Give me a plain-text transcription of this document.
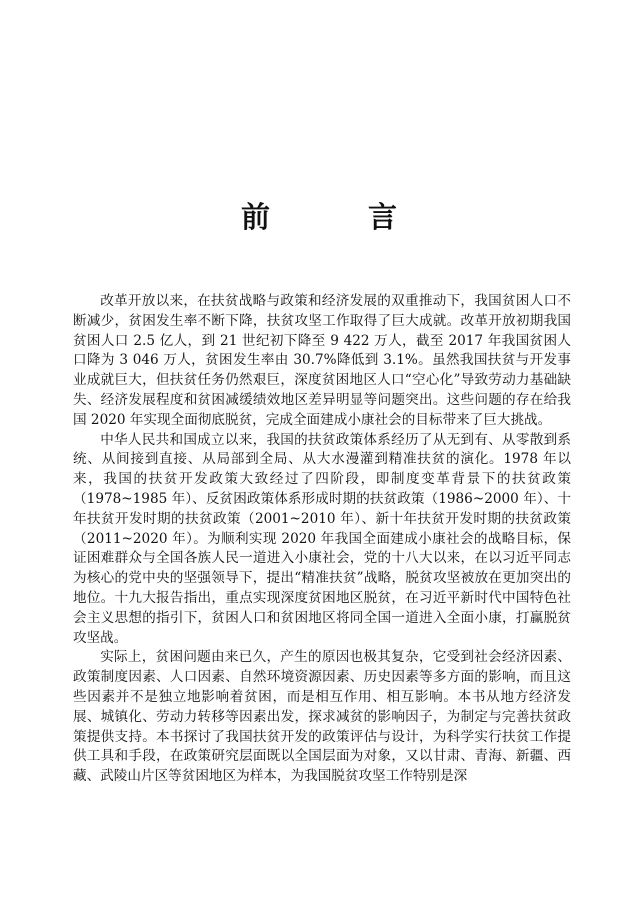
前 言

改革开放以来，在扶贫战略与政策和经济发展的双重推动下，我国贫困人口不断减少，贫困发生率不断下降，扶贫攻坚工作取得了巨大成就。改革开放初期我国贫困人口 2.5 亿人，到 21 世纪初下降至 9 422 万人，截至 2017 年我国贫困人口降为 3 046 万人，贫困发生率由 30.7%降低到 3.1%。虽然我国扶贫与开发事业成就巨大，但扶贫任务仍然艰巨，深度贫困地区人口“空心化”导致劳动力基础缺失、经济发展程度和贫困减缓绩效地区差异明显等问题突出。这些问题的存在给我国 2020 年实现全面彻底脱贫，完成全面建成小康社会的目标带来了巨大挑战。

中华人民共和国成立以来，我国的扶贫政策体系经历了从无到有、从零散到系统、从间接到直接、从局部到全局、从大水漫灌到精准扶贫的演化。1978 年以来，我国的扶贫开发政策大致经过了四阶段，即制度变革背景下的扶贫政策（1978~1985 年）、反贫困政策体系形成时期的扶贫政策（1986~2000 年）、十年扶贫开发时期的扶贫政策（2001~2010 年）、新十年扶贫开发时期的扶贫政策（2011~2020 年）。为顺利实现 2020 年我国全面建成小康社会的战略目标，保证困难群众与全国各族人民一道进入小康社会，党的十八大以来，在以习近平同志为核心的党中央的坚强领导下，提出“精准扶贫”战略，脱贫攻坚被放在更加突出的地位。十九大报告指出，重点实现深度贫困地区脱贫，在习近平新时代中国特色社会主义思想的指引下，贫困人口和贫困地区将同全国一道进入全面小康，打赢脱贫攻坚战。

实际上，贫困问题由来已久，产生的原因也极其复杂，它受到社会经济因素、政策制度因素、人口因素、自然环境资源因素、历史因素等多方面的影响，而且这些因素并不是独立地影响着贫困，而是相互作用、相互影响。本书从地方经济发展、城镇化、劳动力转移等因素出发，探求减贫的影响因子，为制定与完善扶贫政策提供支持。本书探讨了我国扶贫开发的政策评估与设计，为科学实行扶贫工作提供工具和手段，在政策研究层面既以全国层面为对象，又以甘肃、青海、新疆、西藏、武陵山片区等贫困地区为样本，为我国脱贫攻坚工作特别是深
